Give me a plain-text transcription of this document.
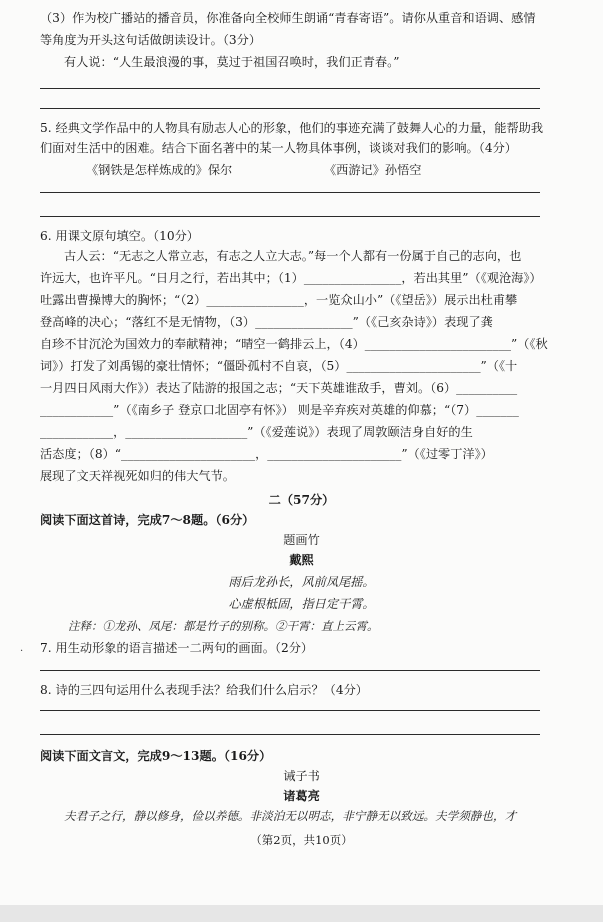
（3）作为校广播站的播音员，你准备向全校师生朗诵“青春寄语”。请你从重音和语调、感情
等角度为开头这句话做朗读设计。（3分）
有人说：“人生最浪漫的事，莫过于祖国召唤时，我们正青春。”
5. 经典文学作品中的人物具有励志人心的形象，他们的事迹充满了鼓舞人心的力量，能帮助我
们面对生活中的困难。结合下面名著中的某一人物具体事例，谈谈对我们的影响。（4分）
《钢铁是怎样炼成的》保尔	《西游记》孙悟空
6. 用课文原句填空。（10分）
古人云：“无志之人常立志，有志之人立大志。”每一个人都有一份属于自己的志向，也
许远大，也许平凡。“日月之行，若出其中；（1）________________，若出其里”（《观沧海》）
吐露出曹操博大的胸怀；“（2）________________，一览众山小”（《望岳》）展示出杜甫攀
登高峰的决心；“落红不是无情物，（3）________________”（《己亥杂诗》）表现了龚
自珍不甘沉沦为国效力的奉献精神；“晴空一鹤排云上，（4）________________________”（《秋
词》）打发了刘禹锡的豪壮情怀；“僵卧孤村不自哀，（5）______________________”（《十
一月四日风雨大作》）表达了陆游的报国之志；“天下英雄谁敌手，曹刘。（6）__________
____________”（《南乡子 登京口北固亭有怀》） 则是辛弃疾对英雄的仰慕；“（7）_______
____________，____________________”（《爱莲说》）表现了周敦颐洁身自好的生
活态度；（8）“______________________，______________________”（《过零丁洋》）
展现了文天祥视死如归的伟大气节。
二（57分）
阅读下面这首诗，完成7～8题。（6分）
题画竹
戴熙
雨后龙孙长，风前凤尾摇。
心虚根柢固，指日定干霄。
注释：①龙孙、凤尾：都是竹子的别称。②干霄：直上云霄。
7. 用生动形象的语言描述一二两句的画面。（2分）
8. 诗的三四句运用什么表现手法？给我们什么启示？（4分）
阅读下面文言文，完成9～13题。（16分）
诫子书
诸葛亮
夫君子之行，静以修身，俭以养德。非淡泊无以明志，非宁静无以致远。夫学须静也，才
（第2页，共10页）
·
